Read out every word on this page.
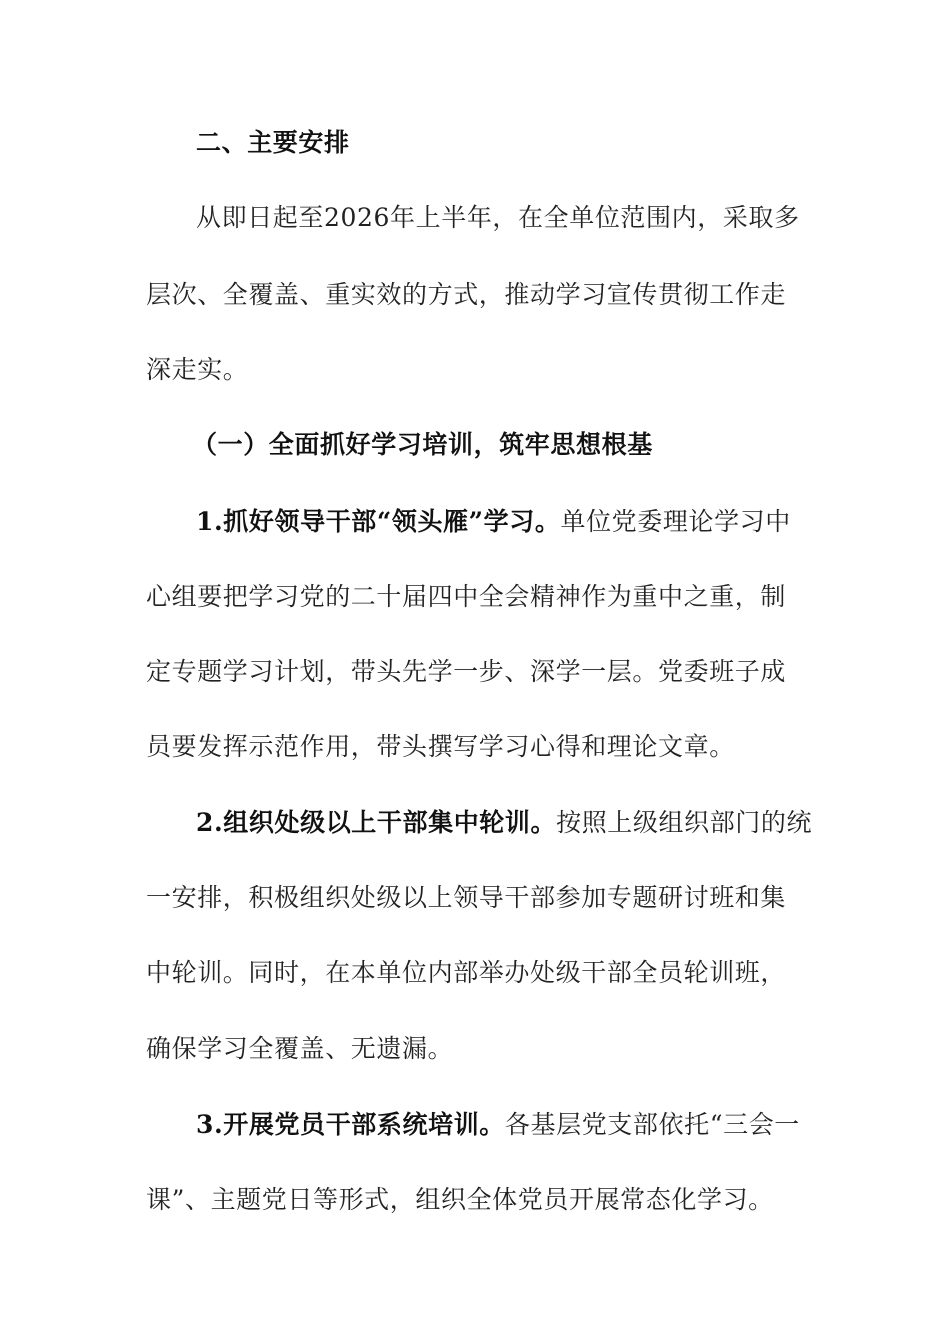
二、主要安排
从即日起至2026年上半年，在全单位范围内，采取多
层次、全覆盖、重实效的方式，推动学习宣传贯彻工作走
深走实。
（一）全面抓好学习培训，筑牢思想根基
1.抓好领导干部“领头雁”学习。单位党委理论学习中
心组要把学习党的二十届四中全会精神作为重中之重，制
定专题学习计划，带头先学一步、深学一层。党委班子成
员要发挥示范作用，带头撰写学习心得和理论文章。
2.组织处级以上干部集中轮训。按照上级组织部门的统
一安排，积极组织处级以上领导干部参加专题研讨班和集
中轮训。同时，在本单位内部举办处级干部全员轮训班，
确保学习全覆盖、无遗漏。
3.开展党员干部系统培训。各基层党支部依托“三会一
课”、主题党日等形式，组织全体党员开展常态化学习。
